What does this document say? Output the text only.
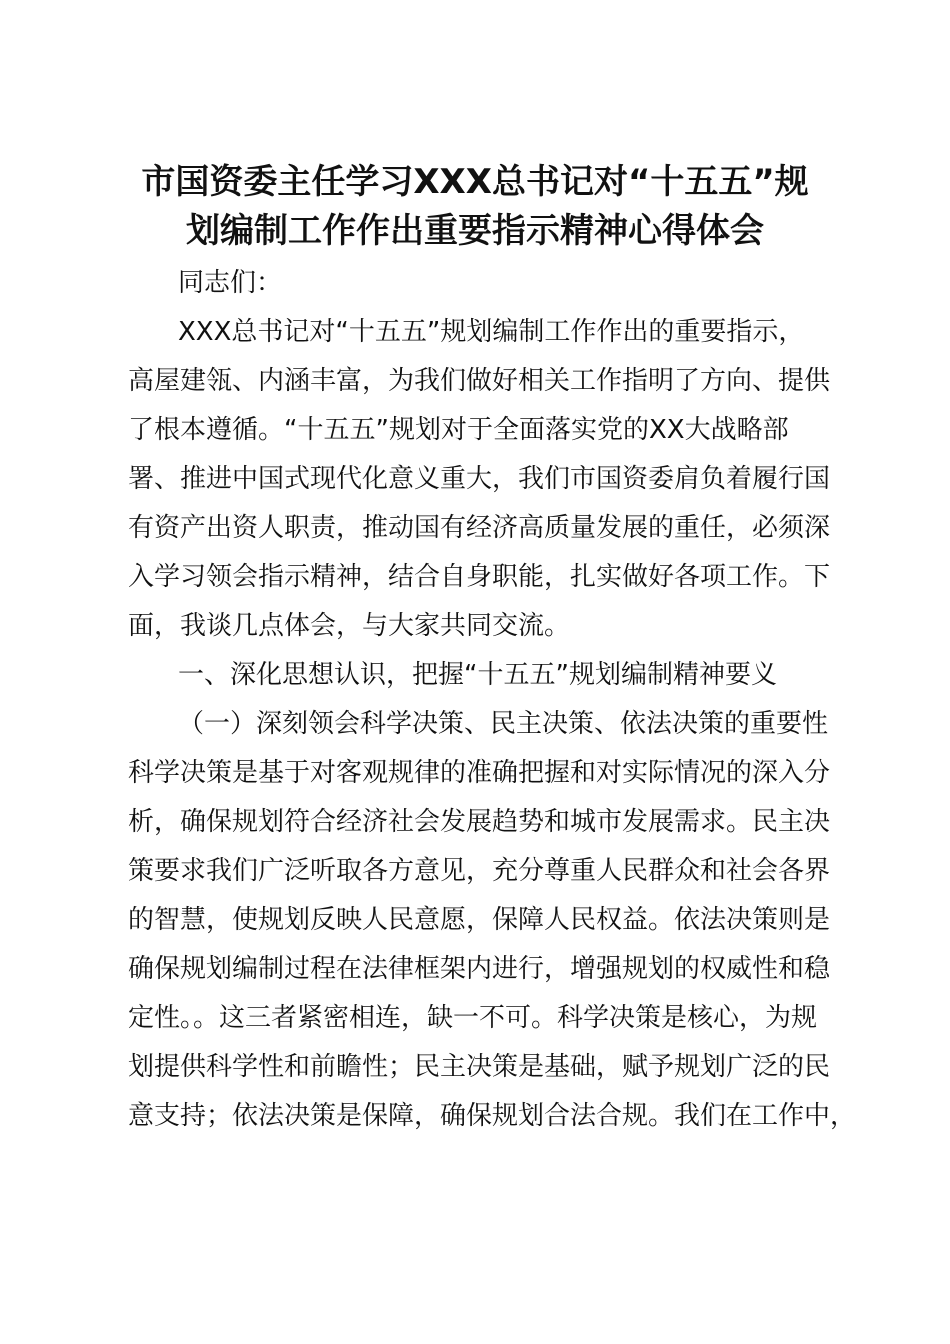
市国资委主任学习XXX总书记对“十五五”规
划编制工作作出重要指示精神心得体会
同志们：
XXX总书记对“十五五”规划编制工作作出的重要指示，
高屋建瓴、内涵丰富，为我们做好相关工作指明了方向、提供
了根本遵循。“十五五”规划对于全面落实党的XX大战略部
署、推进中国式现代化意义重大，我们市国资委肩负着履行国
有资产出资人职责，推动国有经济高质量发展的重任，必须深
入学习领会指示精神，结合自身职能，扎实做好各项工作。下
面，我谈几点体会，与大家共同交流。
一、深化思想认识，把握“十五五”规划编制精神要义
（一）深刻领会科学决策、民主决策、依法决策的重要性
科学决策是基于对客观规律的准确把握和对实际情况的深入分
析，确保规划符合经济社会发展趋势和城市发展需求。民主决
策要求我们广泛听取各方意见，充分尊重人民群众和社会各界
的智慧，使规划反映人民意愿，保障人民权益。依法决策则是
确保规划编制过程在法律框架内进行，增强规划的权威性和稳
定性。。这三者紧密相连，缺一不可。科学决策是核心，为规
划提供科学性和前瞻性；民主决策是基础，赋予规划广泛的民
意支持；依法决策是保障，确保规划合法合规。我们在工作中，
